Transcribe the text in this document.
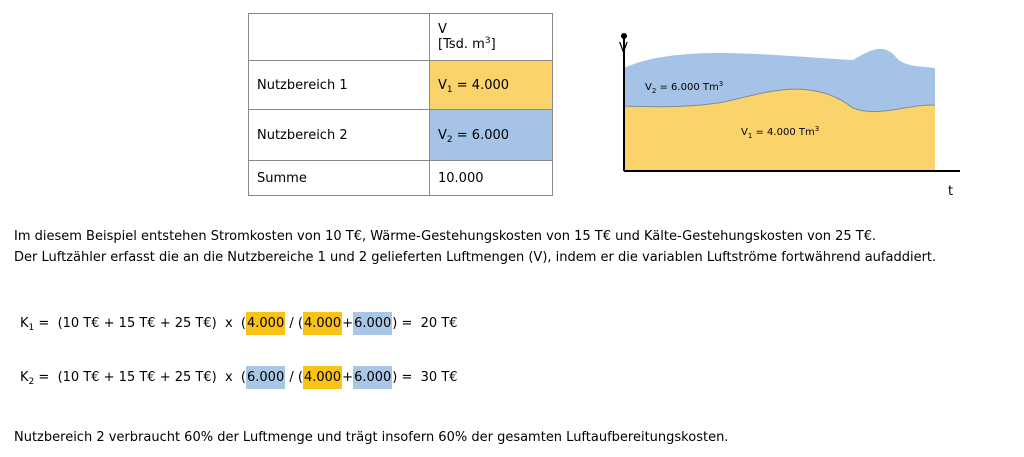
	V
[Tsd. $m^3$]

Nutzbereich 1	$V_1 = 4.000$
Nutzbereich 2	$V_2 = 6.000$
Summe	10.000
V
t
$V_2 = 6.000$ Tm$^3$
$V_1 = 4.000$ Tm$^3$
Im diesem Beispiel entstehen Stromkosten von 10 T€, Wärme-Gestehungskosten von 15 T€ und Kälte-Gestehungskosten von 25 T€.
Der Luftzähler erfasst die an die Nutzbereiche 1 und 2 gelieferten Luftmengen (V), indem er die variablen Luftströme fortwährend aufaddiert.
K1 =  (10 T€ + 15 T€ + 25 T€)  x  (4.000 / (4.000+6.000) =  20 T€
K2 =  (10 T€ + 15 T€ + 25 T€)  x  (6.000 / (4.000+6.000) =  30 T€
Nutzbereich 2 verbraucht 60% der Luftmenge und trägt insofern 60% der gesamten Luftaufbereitungskosten.
